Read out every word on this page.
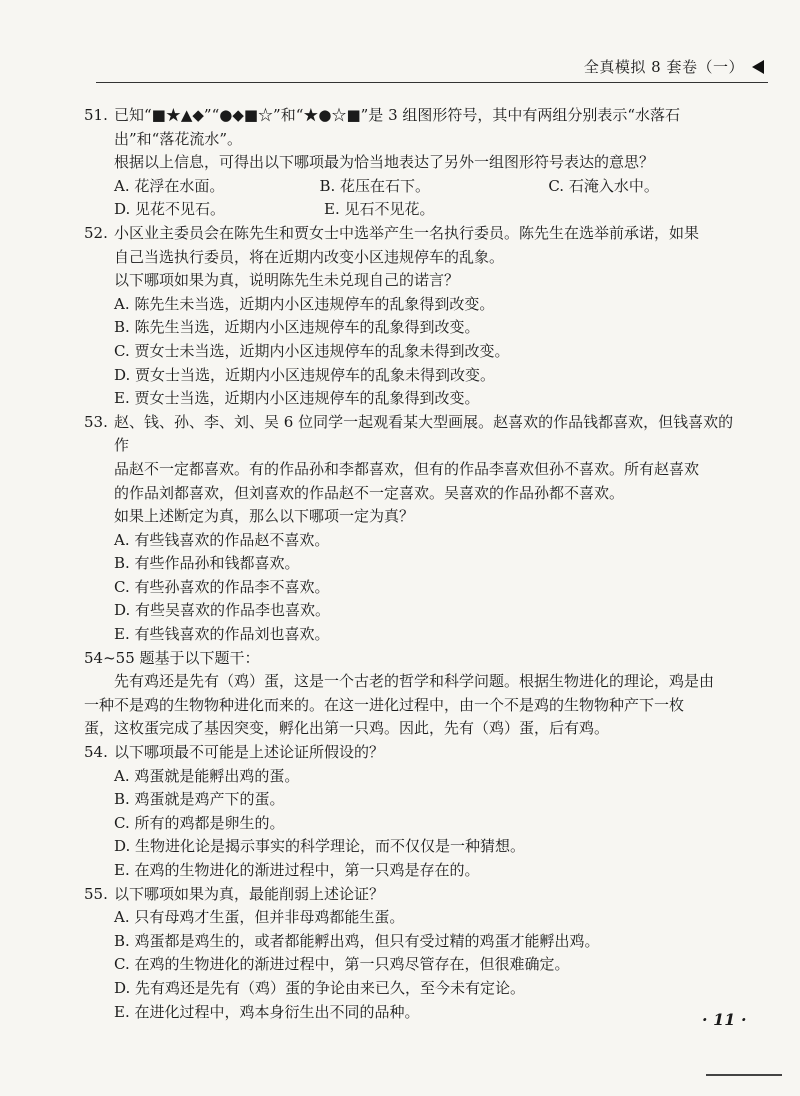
全真模拟 8 套卷（一）
51. 已知“■★▲◆”“●◆■☆”和“★●☆■”是 3 组图形符号，其中有两组分别表示“水落石
出”和“落花流水”。
根据以上信息，可得出以下哪项最为恰当地表达了另外一组图形符号表达的意思？
A. 花浮在水面。	B. 花压在石下。	C. 石淹入水中。
D. 见花不见石。	E. 见石不见花。
52. 小区业主委员会在陈先生和贾女士中选举产生一名执行委员。陈先生在选举前承诺，如果
自己当选执行委员，将在近期内改变小区违规停车的乱象。
以下哪项如果为真，说明陈先生未兑现自己的诺言？
A. 陈先生未当选，近期内小区违规停车的乱象得到改变。
B. 陈先生当选，近期内小区违规停车的乱象得到改变。
C. 贾女士未当选，近期内小区违规停车的乱象未得到改变。
D. 贾女士当选，近期内小区违规停车的乱象未得到改变。
E. 贾女士当选，近期内小区违规停车的乱象得到改变。
53. 赵、钱、孙、李、刘、吴 6 位同学一起观看某大型画展。赵喜欢的作品钱都喜欢，但钱喜欢的作
品赵不一定都喜欢。有的作品孙和李都喜欢，但有的作品李喜欢但孙不喜欢。所有赵喜欢
的作品刘都喜欢，但刘喜欢的作品赵不一定喜欢。吴喜欢的作品孙都不喜欢。
如果上述断定为真，那么以下哪项一定为真？
A. 有些钱喜欢的作品赵不喜欢。
B. 有些作品孙和钱都喜欢。
C. 有些孙喜欢的作品李不喜欢。
D. 有些吴喜欢的作品李也喜欢。
E. 有些钱喜欢的作品刘也喜欢。
54~55 题基于以下题干：
先有鸡还是先有（鸡）蛋，这是一个古老的哲学和科学问题。根据生物进化的理论，鸡是由
一种不是鸡的生物物种进化而来的。在这一进化过程中，由一个不是鸡的生物物种产下一枚
蛋，这枚蛋完成了基因突变，孵化出第一只鸡。因此，先有（鸡）蛋，后有鸡。
54. 以下哪项最不可能是上述论证所假设的？
A. 鸡蛋就是能孵出鸡的蛋。
B. 鸡蛋就是鸡产下的蛋。
C. 所有的鸡都是卵生的。
D. 生物进化论是揭示事实的科学理论，而不仅仅是一种猜想。
E. 在鸡的生物进化的渐进过程中，第一只鸡是存在的。
55. 以下哪项如果为真，最能削弱上述论证？
A. 只有母鸡才生蛋，但并非母鸡都能生蛋。
B. 鸡蛋都是鸡生的，或者都能孵出鸡，但只有受过精的鸡蛋才能孵出鸡。
C. 在鸡的生物进化的渐进过程中，第一只鸡尽管存在，但很难确定。
D. 先有鸡还是先有（鸡）蛋的争论由来已久，至今未有定论。
E. 在进化过程中，鸡本身衍生出不同的品种。	· 11 ·
